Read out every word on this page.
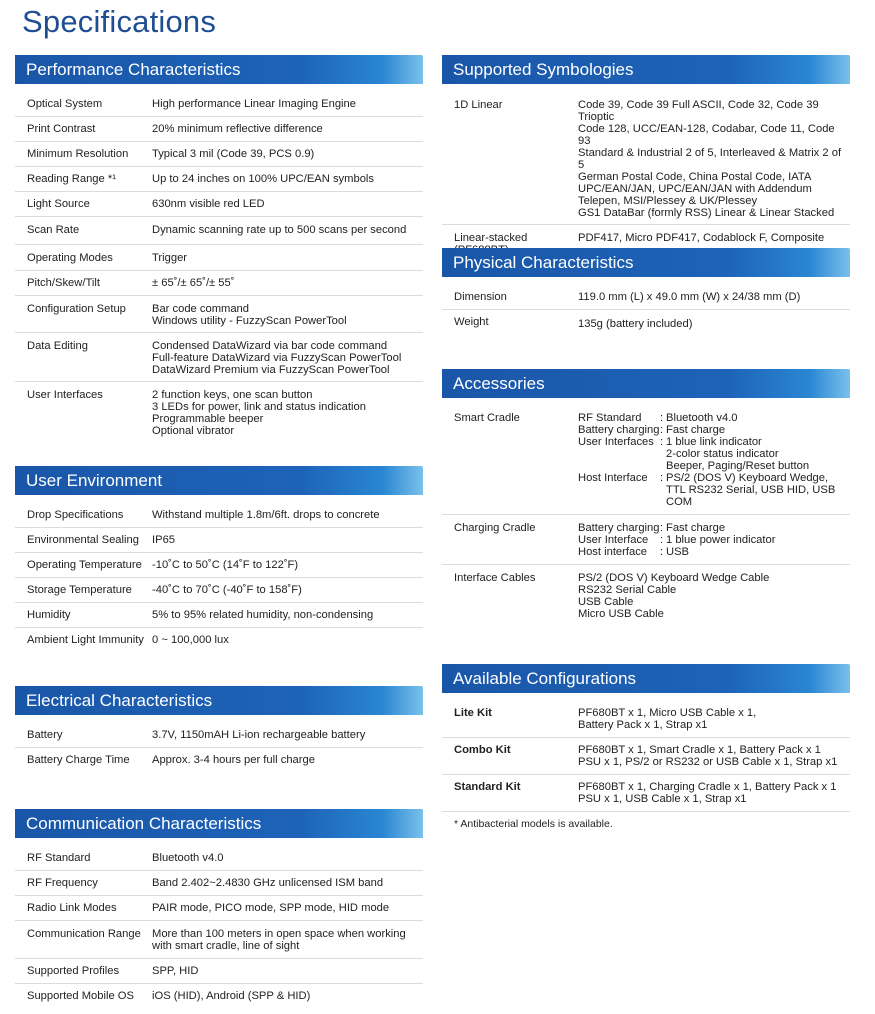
Specifications
Performance Characteristics
Optical System	High performance Linear Imaging Engine
Print Contrast	20% minimum reflective difference
Minimum Resolution	Typical 3 mil (Code 39, PCS 0.9)
Reading Range *¹	Up to 24 inches on 100% UPC/EAN symbols
Light Source	630nm visible red LED
Scan Rate	Dynamic scanning rate up to 500 scans per second
Operating Modes	Trigger
Pitch/Skew/Tilt	± 65˚/± 65˚/± 55˚
Configuration Setup	Bar code command
Windows utility - FuzzyScan PowerTool
Data Editing	Condensed DataWizard via bar code command
Full-feature DataWizard via FuzzyScan PowerTool
DataWizard Premium via FuzzyScan PowerTool
User Interfaces	2 function keys, one scan button
3 LEDs for power, link and status indication
Programmable beeper
Optional vibrator
User Environment
Drop Specifications	Withstand multiple 1.8m/6ft. drops to concrete
Environmental Sealing	IP65
Operating Temperature -10˚C to 50˚C (14˚F to 122˚F)
Storage Temperature	-40˚C to 70˚C (-40˚F to 158˚F)
Humidity	5% to 95% related humidity, non-condensing
Ambient Light Immunity 0 ~ 100,000 lux
Electrical Characteristics
Battery	3.7V, 1150mAH Li-ion rechargeable battery
Battery Charge Time	Approx. 3-4 hours per full charge
Communication Characteristics
RF Standard	Bluetooth v4.0
RF Frequency	Band 2.402~2.4830 GHz unlicensed ISM band
Radio Link Modes	PAIR mode, PICO mode, SPP mode, HID mode
Communication Range More than 100 meters in open space when working
with smart cradle, line of sight
Supported Profiles	SPP, HID
Supported Mobile OS	iOS (HID), Android (SPP & HID)
Supported Symbologies
1D Linear	Code 39, Code 39 Full ASCII, Code 32, Code 39 Trioptic
Code 128, UCC/EAN-128, Codabar, Code 11, Code 93
Standard & Industrial 2 of 5, Interleaved & Matrix 2 of 5
German Postal Code, China Postal Code, IATA
UPC/EAN/JAN, UPC/EAN/JAN with Addendum
Telepen, MSI/Plessey & UK/Plessey
GS1 DataBar (formly RSS) Linear & Linear Stacked
Linear-stacked	PDF417, Micro PDF417, Codablock F, Composite
Physical Characteristics
Dimension	119.0 mm (L) x 49.0 mm (W) x 24/38 mm (D)
Weight	135g (battery included)
Accessories
Smart Cradle	RF Standard	: Bluetooth v4.0
Battery charging : Fast charge
User Interfaces : 1 blue link indicator
2-color status indicator
Beeper, Paging/Reset button
Host Interface	: PS/2 (DOS V) Keyboard Wedge,
TTL RS232 Serial, USB HID, USB COM
Charging Cradle	Battery charging : Fast charge
User Interface	: 1 blue power indicator
Host interface	: USB
Interface Cables	PS/2 (DOS V) Keyboard Wedge Cable
RS232 Serial Cable
USB Cable
Micro USB Cable
Available Configurations
Lite Kit	PF680BT x 1, Micro USB Cable x 1,
Battery Pack x 1, Strap x1
Combo Kit	PF680BT x 1, Smart Cradle x 1, Battery Pack x 1
PSU x 1, PS/2 or RS232 or USB Cable x 1, Strap x1
Standard Kit	PF680BT x 1, Charging Cradle x 1, Battery Pack x 1
PSU x 1, USB Cable x 1, Strap x1
* Antibacterial models is available.
